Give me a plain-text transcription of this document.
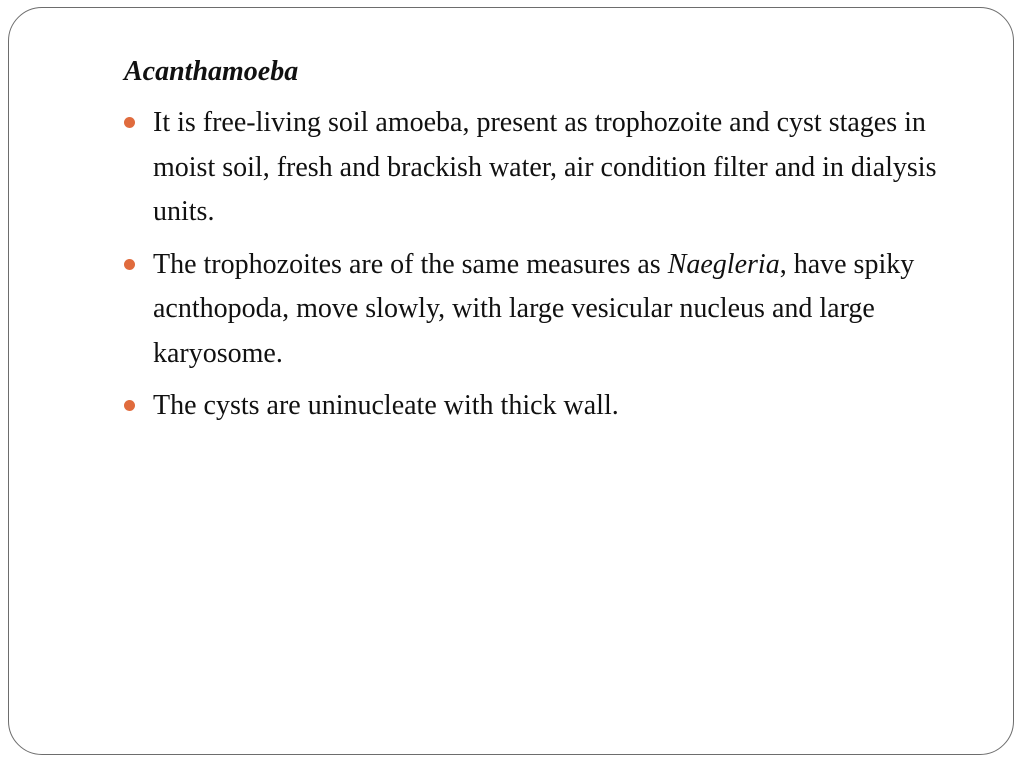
Acanthamoeba
It is free-living soil amoeba, present as trophozoite and cyst stages in moist soil, fresh and brackish water, air condition filter and in dialysis units.
The trophozoites are of the same measures as Naegleria, have spiky acnthopoda, move slowly, with large vesicular nucleus and large karyosome.
The cysts are uninucleate with thick wall.
